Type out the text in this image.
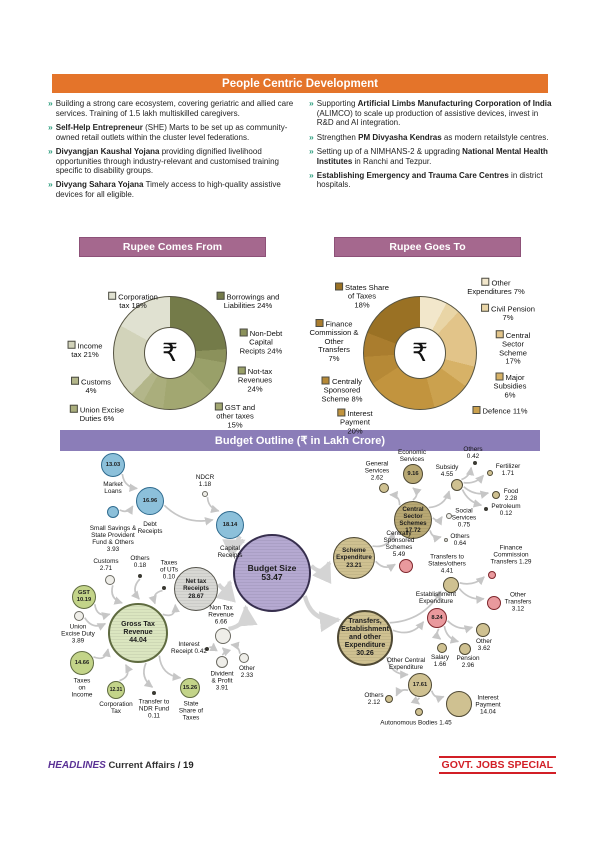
People Centric Development
» Building a strong care ecosystem, covering geriatric and allied care services. Training of 1.5 lakh multiskilled caregivers.
» Self-Help Entrepreneur (SHE) Marts to be set up as community-owned retail outlets within the cluster level federations.
» Divyangjan Kaushal Yojana providing dignified livelihood opportunities through industry-relevant and customised training specific to disability groups.
» Divyang Sahara Yojana Timely access to high-quality assistive devices for all eligible.
» Supporting Artificial Limbs Manufacturing Corporation of India (ALIMCO) to scale up production of assistive devices, invest in R&D and AI integration.
» Strengthen PM Divyasha Kendras as modern retailstyle centres.
» Setting up of a NIMHANS-2 & upgrading National Mental Health Institutes in Ranchi and Tezpur.
» Establishing Emergency and Trauma Care Centres in district hospitals.
Rupee Comes From
₹
Corporation
tax 18%
Income
tax 21%
Customs
4%
Union Excise
Duties 6%
Borrowings and
Liabilities 24%
Non-Debt
Capital
Recipts 24%
Not-tax
Revenues
24%
GST and
other taxes
15%
Rupee Goes To
₹
States Share
of Taxes
18%
Finance
Commission &
Other
Transfers
7%
Centrally
Sponsored
Scheme 8%
Interest
Payment
20%
Other
Expenditures 7%
Civil Pension
7%
Central
Sector
Scheme
17%
Major
Subsidies
6%
Defence 11%
Budget Outline (₹ in Lakh Crore)
13.03
Market
Loans
Small Savings &
State Provident
Fund & Others
3.93
16.96
Debt
Receipts
NDCR
1.18
18.14
Capital
Receipts
Customs
2.71
Others
0.18	Taxes
of UTs
0.10
Net tax
Receipts
28.67
GST
10.19
Union
Excise Duty
3.89
Gross Tax
Revenue
44.04
14.66
Taxes
on
Income
12.31
Corporation
Tax
Transfer to
NDR Fund
0.11
15.26
State
Share of
Taxes
Interest
Receipt 0.42
Non Tax
Revenue
6.66
Divident
& Profit
3.91
Other
2.33
Budget Size
53.47
Scheme
Expenditure
23.21
Centrally
Sponsored
Schemes
5.49
Central
Sector
Schemes
17.72
General
Services
2.62
9.16
Economic
Services
Subsidy
4.55
Others
0.42
Fertilizer
1.71
Food
2.28
Petroleum
0.12
Social
Services
0.75
Others
0.64
Transfers to
States/others
4.41
Finance
Commission
Transfers 1.29
Other
Transfers
3.12
8.24
Establishment
Expenditure
Other
3.62
Salary
1.66
Pension
2.96
Transfers,
Establishment
and other
Expenditure
30.26
17.61
Other Central
Expenditure
Others
2.12
Autonomous Bodies 1.45
Interest
Payment
14.04
HEADLINES Current Affairs / 19	GOVT. JOBS SPECIAL
